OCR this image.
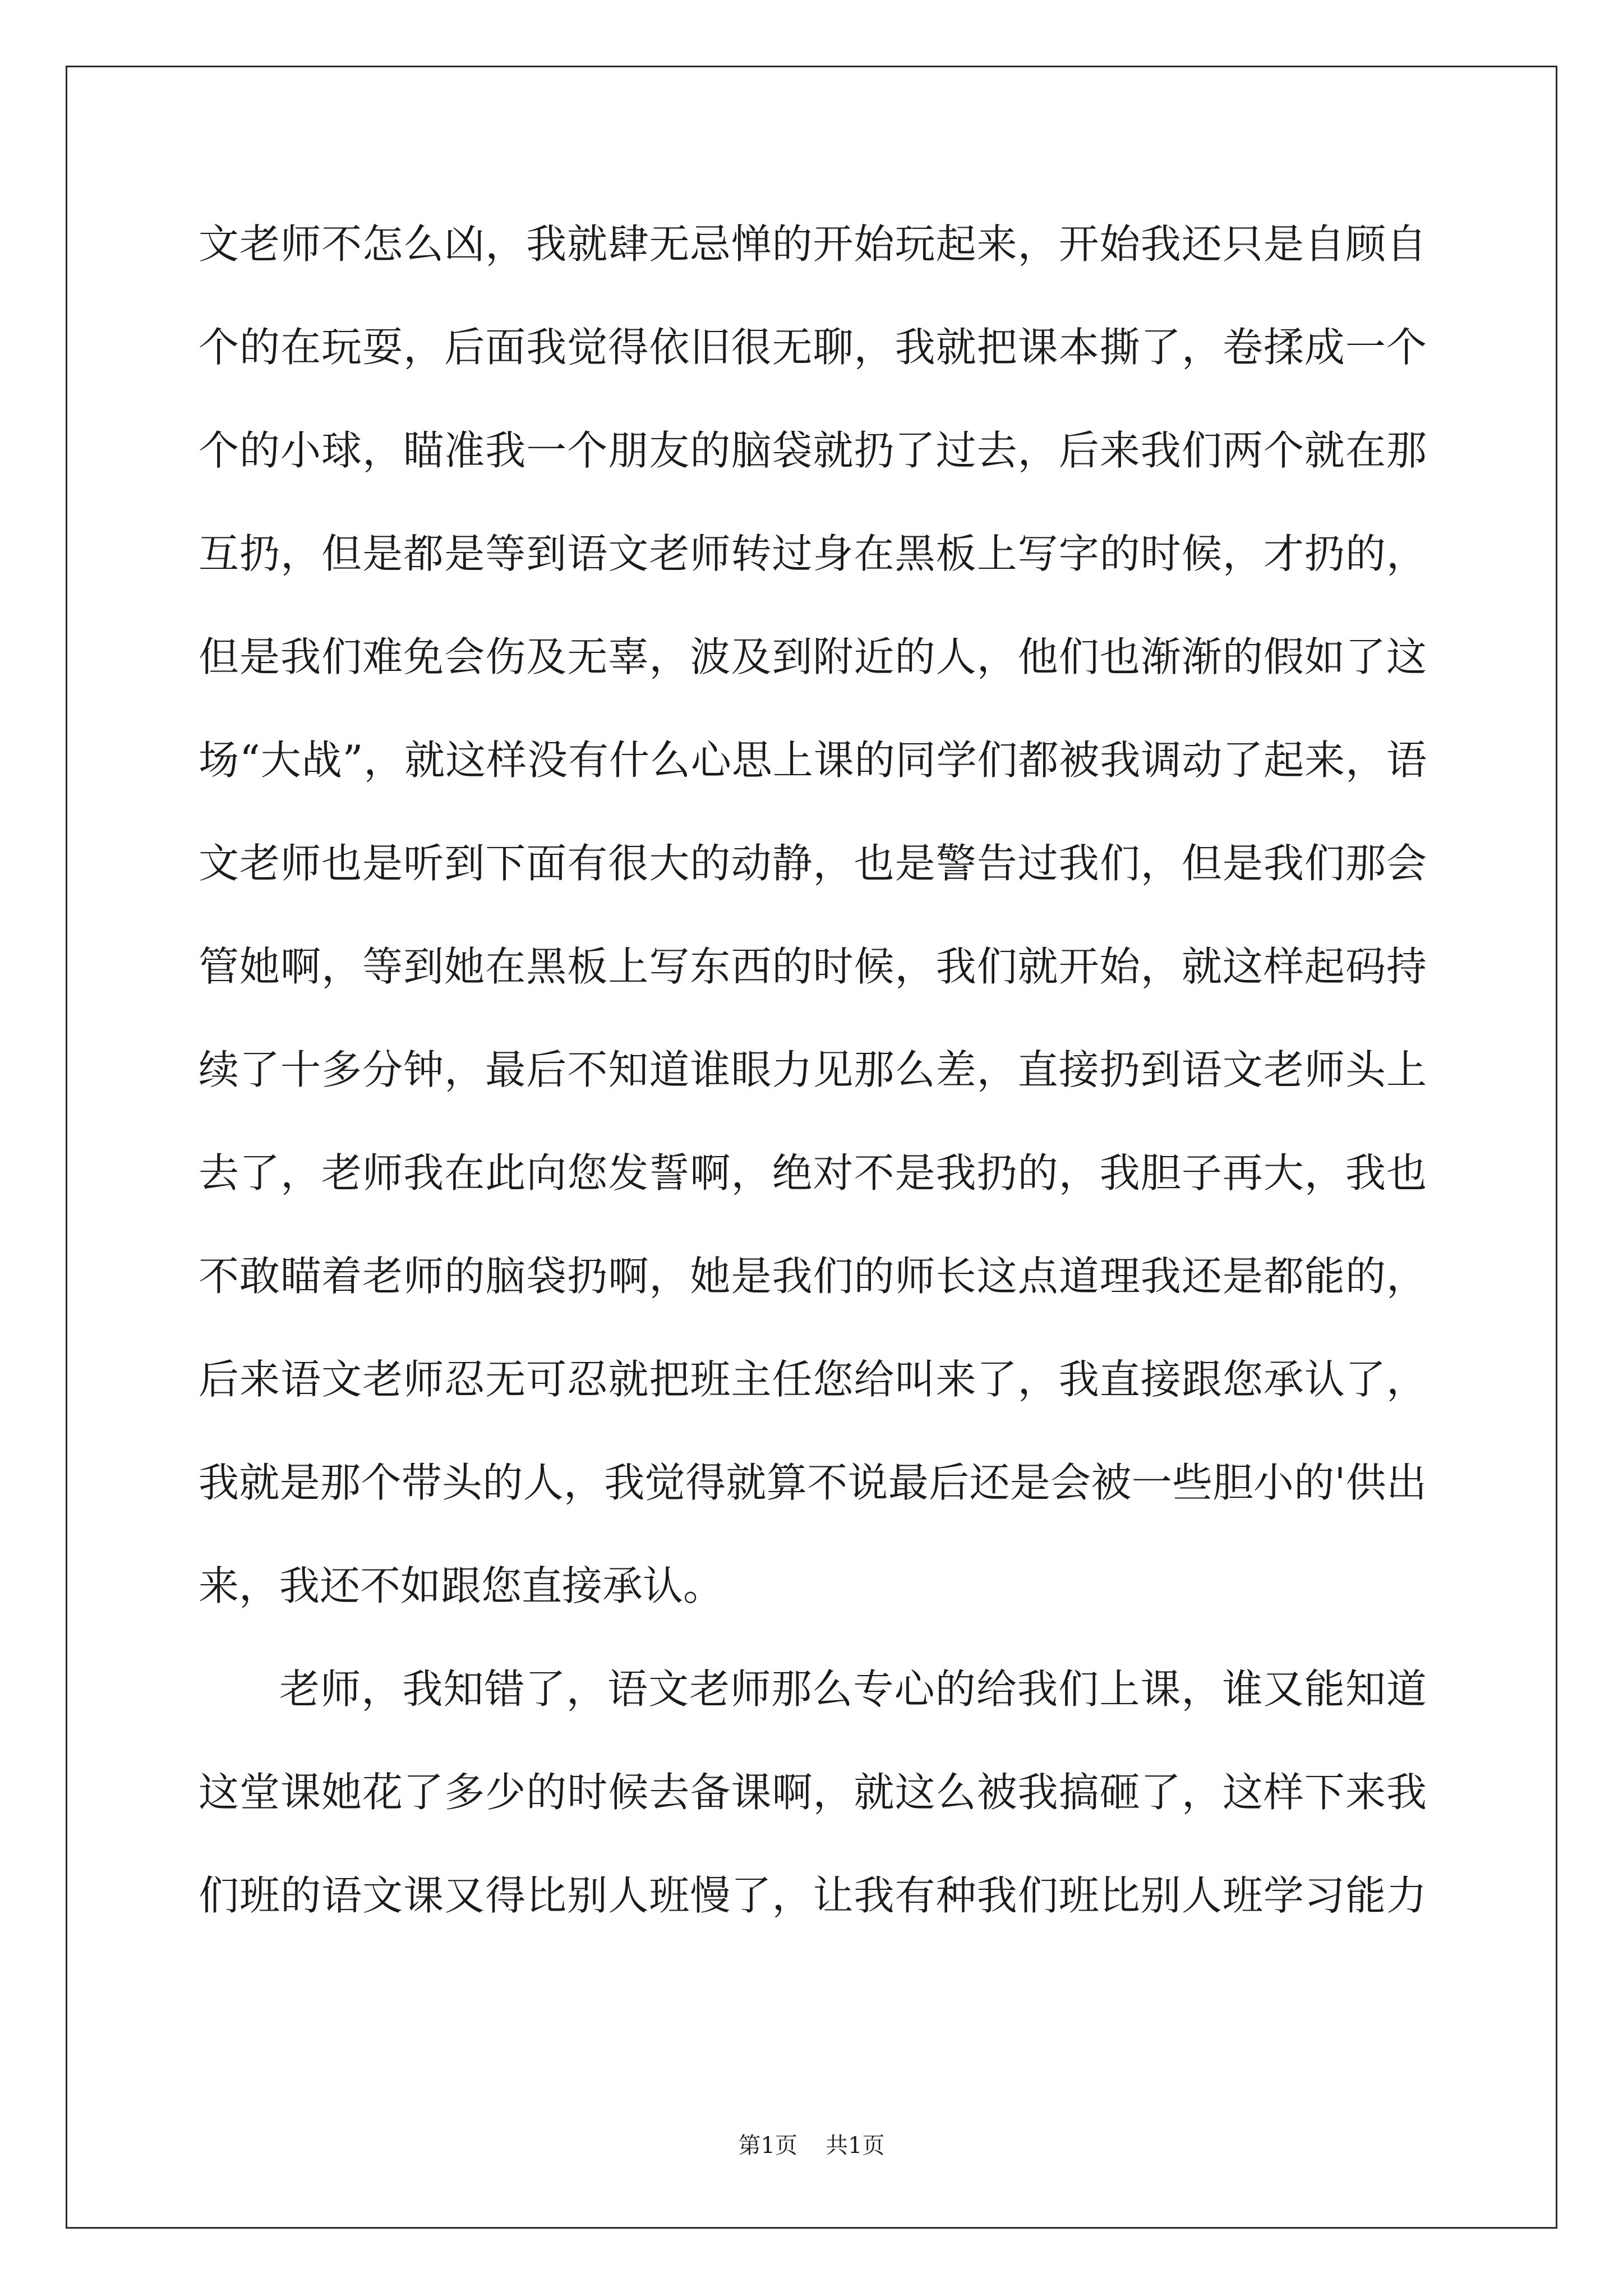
文老师不怎么凶，我就肆无忌惮的开始玩起来，开始我还只是自顾自
个的在玩耍，后面我觉得依旧很无聊，我就把课本撕了，卷揉成一个
个的小球，瞄准我一个朋友的脑袋就扔了过去，后来我们两个就在那
互扔，但是都是等到语文老师转过身在黑板上写字的时候，才扔的，
但是我们难免会伤及无辜，波及到附近的人，他们也渐渐的假如了这
场“大战”，就这样没有什么心思上课的同学们都被我调动了起来，语
文老师也是听到下面有很大的动静，也是警告过我们，但是我们那会
管她啊，等到她在黑板上写东西的时候，我们就开始，就这样起码持
续了十多分钟，最后不知道谁眼力见那么差，直接扔到语文老师头上
去了，老师我在此向您发誓啊，绝对不是我扔的，我胆子再大，我也
不敢瞄着老师的脑袋扔啊，她是我们的师长这点道理我还是都能的，
后来语文老师忍无可忍就把班主任您给叫来了，我直接跟您承认了，
我就是那个带头的人，我觉得就算不说最后还是会被一些胆小的'供出
来，我还不如跟您直接承认。
老师，我知错了，语文老师那么专心的给我们上课，谁又能知道
这堂课她花了多少的时候去备课啊，就这么被我搞砸了，这样下来我
们班的语文课又得比别人班慢了，让我有种我们班比别人班学习能力
第1页 共1页
